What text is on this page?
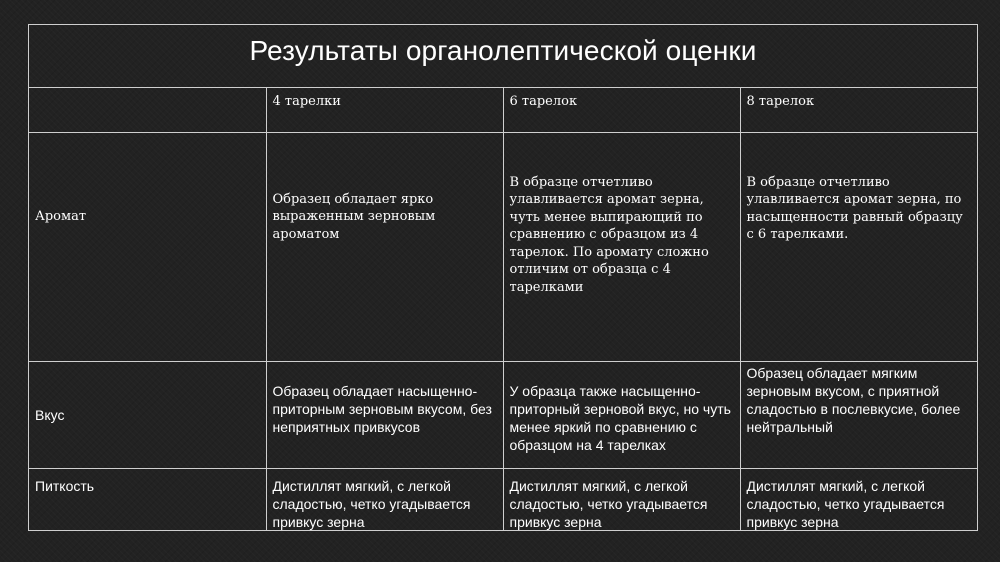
Результаты органолептической оценки
	4 тарелки	6 тарелок	8 тарелок
Аромат	Образец обладает ярко выраженным зерновым ароматом	В образце отчетливо улавливается аромат зерна, чуть менее выпирающий по сравнению с образцом из 4 тарелок. По аромату сложно отличим от образца с 4 тарелками	В образце отчетливо улавливается аромат зерна, по насыщенности равный образцу с 6 тарелками.
Вкус	Образец обладает насыщенно-приторным зерновым вкусом, без неприятных привкусов	У образца также насыщенно-приторный зерновой вкус, но чуть менее яркий по сравнению с образцом на 4 тарелках	Образец обладает мягким зерновым вкусом, с приятной сладостью в послевкусие, более нейтральный
Питкость	Дистиллят мягкий, с легкой сладостью, четко угадывается привкус зерна	Дистиллят мягкий, с легкой сладостью, четко угадывается привкус зерна	Дистиллят мягкий, с легкой сладостью, четко угадывается привкус зерна
